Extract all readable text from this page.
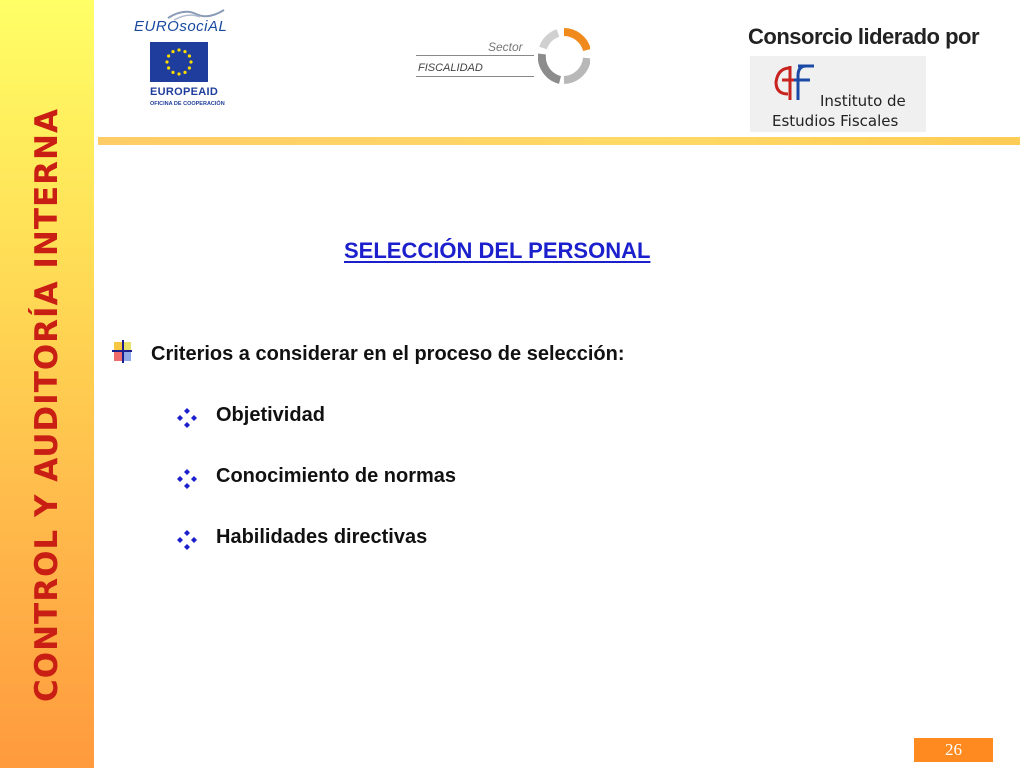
CONTROL Y AUDITORÍA INTERNA
EUROsociAL
EUROPEAID
OFICINA DE COOPERACIÓN
Sector
FISCALIDAD
Consorcio liderado por
Instituto de
Estudios Fiscales
SELECCIÓN DEL PERSONAL
Criterios a considerar en el proceso de selección:
Objetividad
Conocimiento de normas
Habilidades directivas
26
